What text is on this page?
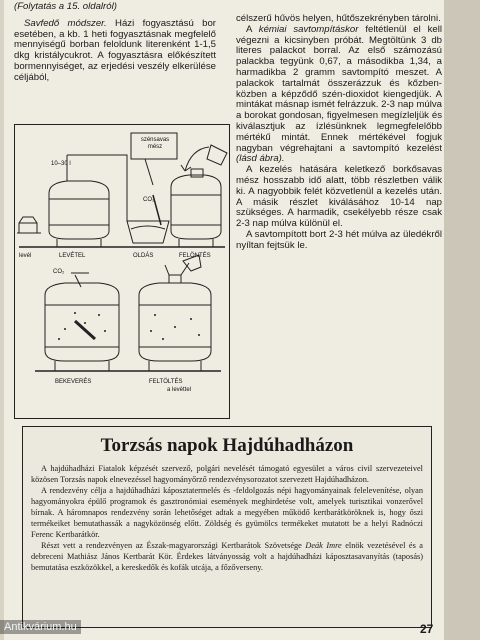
(Folytatás a 15. oldalról)

Savfedő módszer. Házi fogyasztású bor esetében, a kb. 1 heti fogyasztásnak megfelelő mennyiségű borban feloldunk literenként 1-1,5 dkg kristálycukrot. A fogyasztásra előkészített bormennyiséget, az erjedési veszély elkerülése céljából,

10–30 l
szénsavas mész
CO₂
levél	LEVÉTEL	OLDÁS	FELÖNTÉS
CO₂
BEKEVERÉS	FELTÖLTÉS
a levéttel

célszerű hűvös helyen, hűtőszekrényben tárolni.

A kémiai savtompításkor feltétlenül el kell végezni a kicsinyben próbát. Megtöltünk 3 db literes palackot borral. Az első számozású palackba tegyünk 0,67, a másodikba 1,34, a harmadikba 2 gramm savtompító meszet. A palackok tartalmát összerázzuk és kőzben-közben a képződő szén-dioxidot kiengedjük. A mintákat másnap ismét felrázzuk. 2-3 nap múlva a borokat gondosan, figyelmesen megízleljük és kiválasztjuk az ízlésünknek legmegfelelőbb mértékű mintát. Ennek mértékével fogjuk nagyban végrehajtani a savtompító kezelést (lásd ábra).

A kezelés hatására keletkező borkősavas mész hosszabb idő alatt, több részletben válik ki. A nagyobbik felét közvetlenül a kezelés után. A másik részlet kiválásához 10-14 nap szükséges. A harmadik, csekélyebb része csak 2-3 nap múlva különül el.

A savtompított bort 2-3 hét múlva az üledékről nyíltan fejtsük le.

Torzsás napok Hajdúhadházon

A hajdúhadházi Fiatalok képzését szervező, polgári nevelését támogató egyesület a város civil szervezeteivel közösen Torzsás napok elnevezéssel hagyományőrző rendezvénysorozatot szervezett Hajdúhadházon.

A rendezvény célja a hajdúhadházi káposztatermelés és -feldolgozás népi hagyományainak felelevenítése, olyan hagyományokra épülő programok és gasztronómiai események meghirdetése volt, amelyek turisztikai vonzerővel bírnak. A háromnapos rendezvény során lehetőséget adtak a megyében működő kertbarátköröknek is, hogy őszi termékeiket bemutathassák a nagyközönség előtt. Zöldség és gyümölcs termékeket mutatott be a helyi Radnóczi Ferenc Kertbarátkör.

Részt vett a rendezvényen az Észak-magyarországi Kertbarátok Szövetsége Deák Imre elnök vezetésével és a debreceni Mathiász János Kertbarát Kör. Érdekes látványosság volt a hajdúhadházi káposztasavanyítás (taposás) bemutatása eszközökkel, a kereskedők és kofák utcája, a főzőverseny.

27
Antikvárium.hu
